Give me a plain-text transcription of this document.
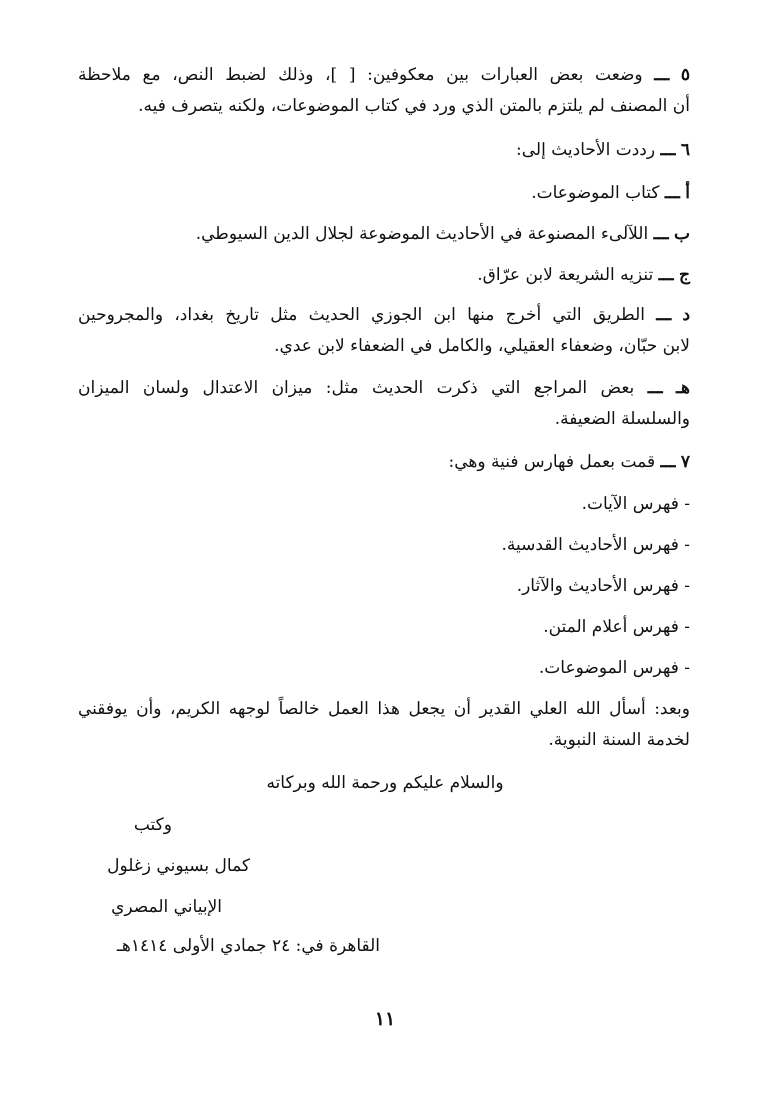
٥ ـــ وضعت بعض العبارات بين معكوفين: [ ]، وذلك لضبط النص، مع ملاحظة
أن المصنف لم يلتزم بالمتن الذي ورد في كتاب الموضوعات، ولكنه يتصرف فيه.
٦ ـــ رددت الأحاديث إلى:
أ ـــ كتاب الموضوعات.
ب ـــ اللآلىء المصنوعة في الأحاديث الموضوعة لجلال الدين السيوطي.
ج ـــ تنزيه الشريعة لابن عرّاق.
د ـــ الطريق التي أخرج منها ابن الجوزي الحديث مثل تاريخ بغداد، والمجروحين
لابن حبّان، وضعفاء العقيلي، والكامل في الضعفاء لابن عدي.
هـ ـــ بعض المراجع التي ذكرت الحديث مثل: ميزان الاعتدال ولسان الميزان
والسلسلة الضعيفة.
٧ ـــ قمت بعمل فهارس فنية وهي:
- فهرس الآيات.
- فهرس الأحاديث القدسية.
- فهرس الأحاديث والآثار.
- فهرس أعلام المتن.
- فهرس الموضوعات.
وبعد: أسأل الله العلي القدير أن يجعل هذا العمل خالصاً لوجهه الكريم، وأن يوفقني
لخدمة السنة النبوية.
والسلام عليكم ورحمة الله وبركاته
وكتب
كمال بسيوني زغلول
الإبياني المصري
القاهرة في: ٢٤ جمادي الأولى ١٤١٤هـ
١١
